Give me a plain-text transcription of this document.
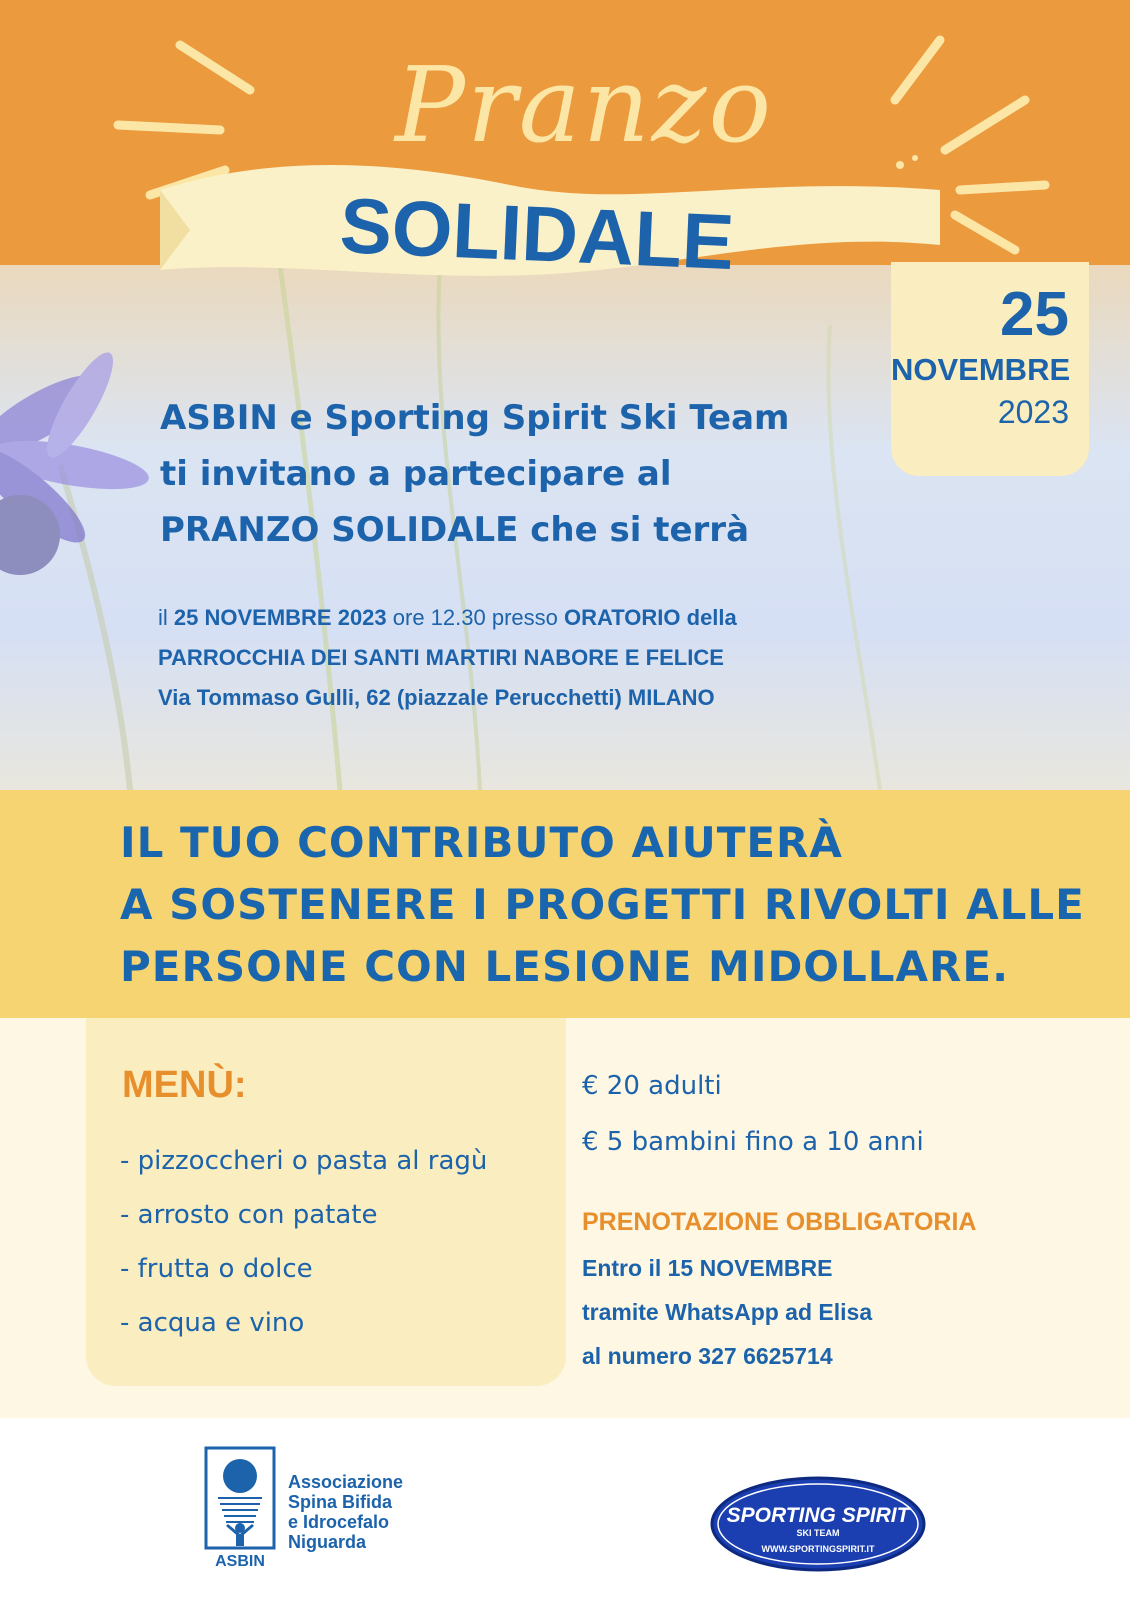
Pranzo
SOLIDALE
25
NOVEMBRE
2023
ASBIN e Sporting Spirit Ski Team
ti invitano a partecipare al
PRANZO SOLIDALE che si terrà
il 25 NOVEMBRE 2023 ore 12.30 presso ORATORIO della
PARROCCHIA DEI SANTI MARTIRI NABORE E FELICE
Via Tommaso Gulli, 62 (piazzale Perucchetti) MILANO
IL TUO CONTRIBUTO AIUTERÀ
A SOSTENERE I PROGETTI RIVOLTI ALLE
PERSONE CON LESIONE MIDOLLARE.
MENÙ:
- pizzoccheri o pasta al ragù
- arrosto con patate
- frutta o dolce
- acqua e vino
€ 20 adulti
€ 5 bambini fino a 10 anni
PRENOTAZIONE OBBLIGATORIA
Entro il 15 NOVEMBRE
tramite WhatsApp ad Elisa
al numero 327 6625714
ASBIN
Associazione
Spina Bifida
e Idrocefalo
Niguarda
SPORTING SPIRIT
SKI TEAM
WWW.SPORTINGSPIRIT.IT
